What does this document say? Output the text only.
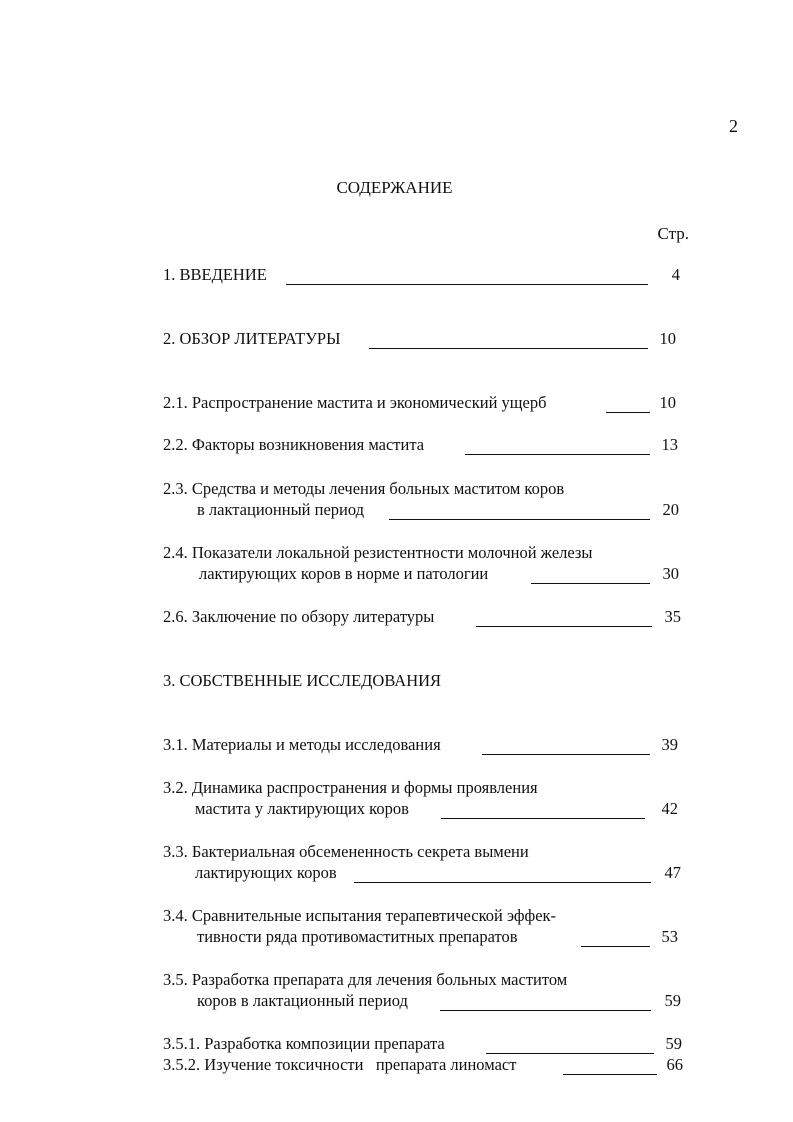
2
СОДЕРЖАНИЕ
Стр.
1. ВВЕДЕНИЕ	4
2. ОБЗОР ЛИТЕРАТУРЫ	10
2.1. Распространение мастита и экономический ущерб	10
2.2. Факторы возникновения мастита	13
2.3. Средства и методы лечения больных маститом коров
в лактационный период	20
2.4. Показатели локальной резистентности молочной железы
лактирующих коров в норме и патологии	30
2.6. Заключение по обзору литературы	35
3. СОБСТВЕННЫЕ ИССЛЕДОВАНИЯ
3.1. Материалы и методы исследования	39
3.2. Динамика распространения и формы проявления
мастита у лактирующих коров	42
3.3. Бактериальная обсемененность секрета вымени
лактирующих коров	47
3.4. Сравнительные испытания терапевтической эффек-
тивности ряда противомаститных препаратов	53
3.5. Разработка препарата для лечения больных маститом
коров в лактационный период	59
3.5.1. Разработка композиции препарата	59
3.5.2. Изучение токсичности   препарата линомаст	66
